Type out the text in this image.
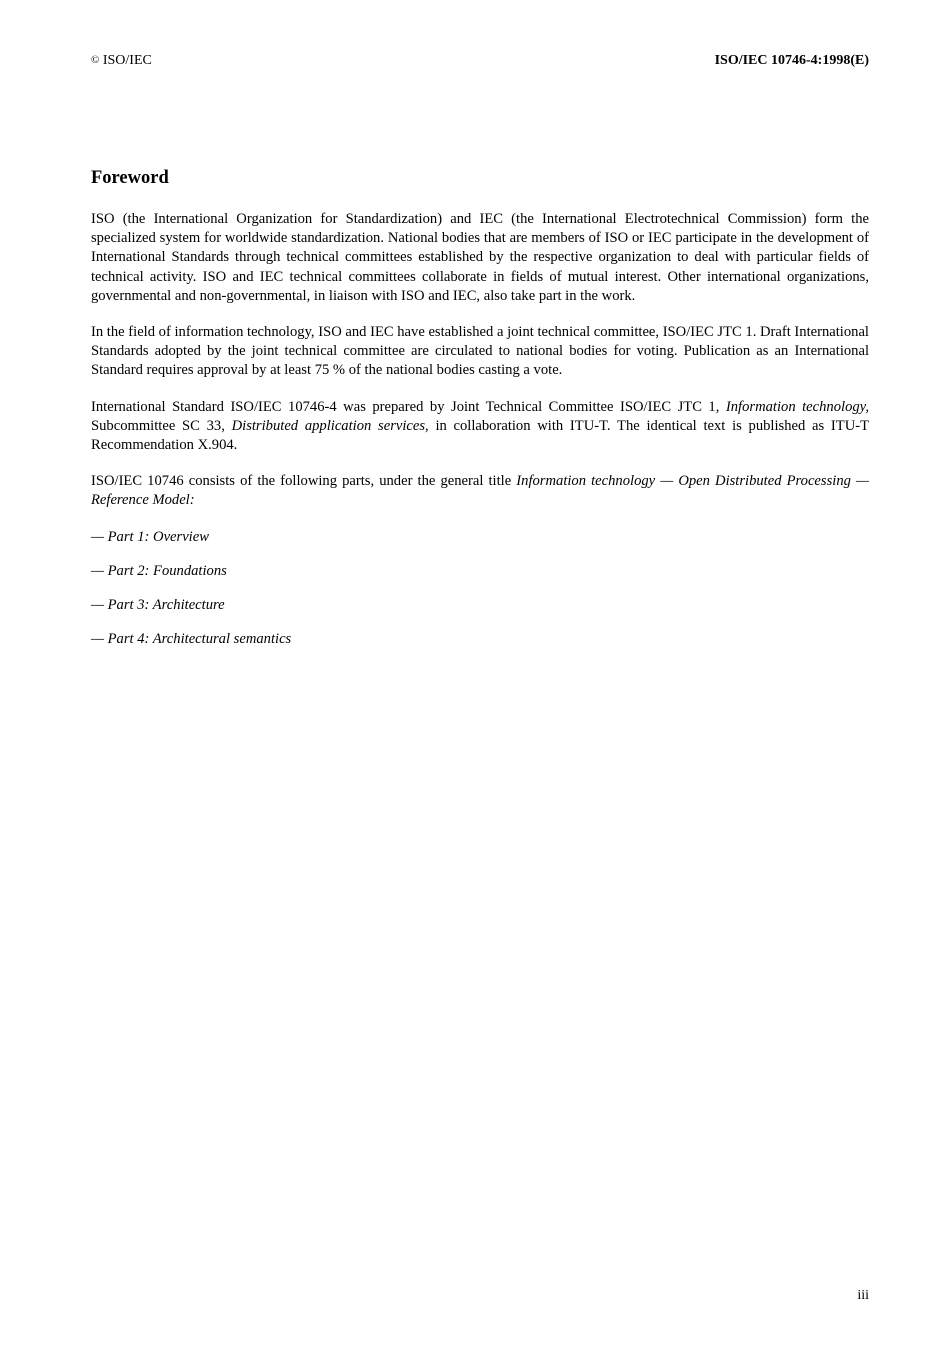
© ISO/IEC	ISO/IEC 10746-4:1998(E)
Foreword

ISO (the International Organization for Standardization) and IEC (the International Electrotechnical Commission) form the specialized system for worldwide standardization. National bodies that are members of ISO or IEC participate in the development of International Standards through technical committees established by the respective organization to deal with particular fields of technical activity. ISO and IEC technical committees collaborate in fields of mutual interest. Other international organizations, governmental and non-governmental, in liaison with ISO and IEC, also take part in the work.

In the field of information technology, ISO and IEC have established a joint technical committee, ISO/IEC JTC 1. Draft International Standards adopted by the joint technical committee are circulated to national bodies for voting. Publication as an International Standard requires approval by at least 75 % of the national bodies casting a vote.

International Standard ISO/IEC 10746-4 was prepared by Joint Technical Committee ISO/IEC JTC 1, Information technology, Subcommittee SC 33, Distributed application services, in collaboration with ITU-T. The identical text is published as ITU-T Recommendation X.904.

ISO/IEC 10746 consists of the following parts, under the general title Information technology — Open Distributed Processing — Reference Model:

— Part 1: Overview

— Part 2: Foundations

— Part 3: Architecture

— Part 4: Architectural semantics

iii
